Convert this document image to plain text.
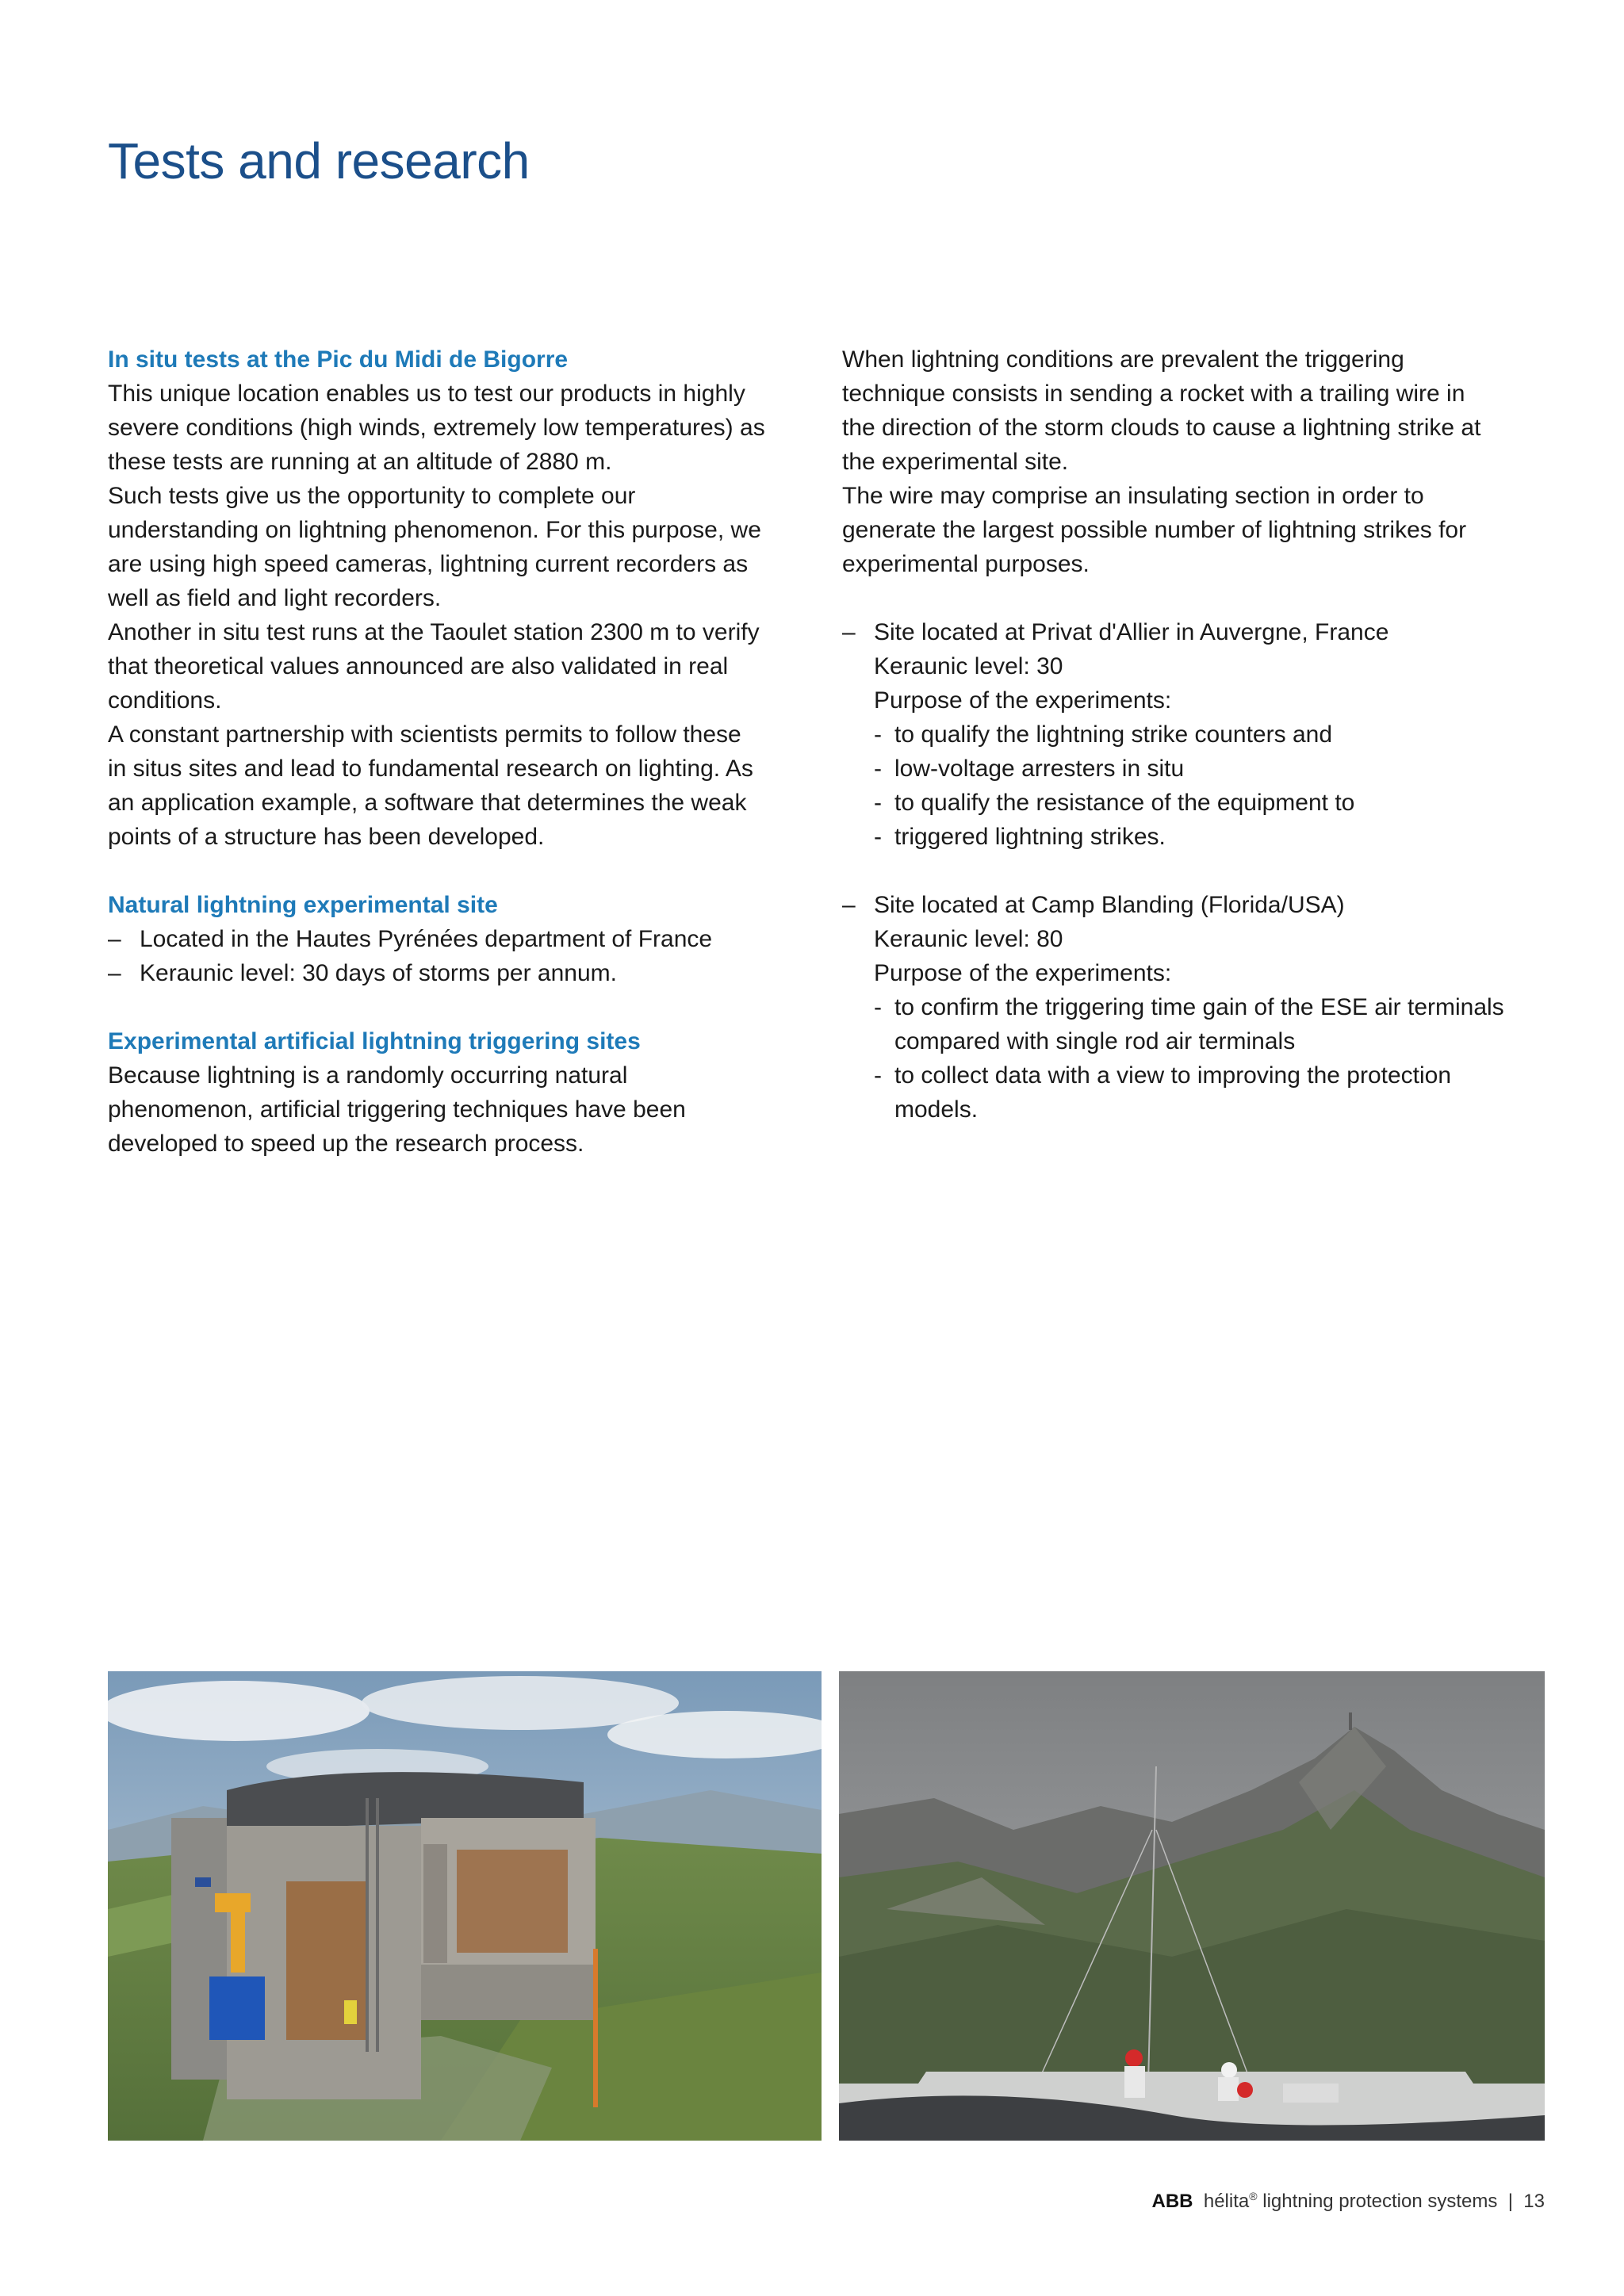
Tests and research

In situ tests at the Pic du Midi de Bigorre

This unique location enables us to test our products in highly

severe conditions (high winds, extremely low temperatures) as

these tests are running at an altitude of 2880 m.

Such tests give us the opportunity to complete our

understanding on lightning phenomenon. For this purpose, we

are using high speed cameras, lightning current recorders as

well as field and light recorders.

Another in situ test runs at the Taoulet station 2300 m to verify

that theoretical values announced are also validated in real

conditions.

A constant partnership with scientists permits to follow these

in situs sites and lead to fundamental research on lighting. As

an application example, a software that determines the weak

points of a structure has been developed.

Natural lightning experimental site

– Located in the Hautes Pyrénées department of France
– Keraunic level: 30 days of storms per annum.

Experimental artificial lightning triggering sites

Because lightning is a randomly occurring natural

phenomenon, artificial triggering techniques have been

developed to speed up the research process.

When lightning conditions are prevalent the triggering

technique consists in sending a rocket with a trailing wire in

the direction of the storm clouds to cause a lightning strike at

the experimental site.

The wire may comprise an insulating section in order to

generate the largest possible number of lightning strikes for

experimental purposes.

– Site located at Privat d'Allier in Auvergne, France

Keraunic level: 30

Purpose of the experiments:

- to qualify the lightning strike counters and
- low-voltage arresters in situ
- to qualify the resistance of the equipment to
- triggered lightning strikes.
– Site located at Camp Blanding (Florida/USA)

Keraunic level: 80

Purpose of the experiments:

- to confirm the triggering time gain of the ESE air terminals
compared with single rod air terminals
- to collect data with a view to improving the protection
models.
ABB hélita® lightning protection systems | 13
